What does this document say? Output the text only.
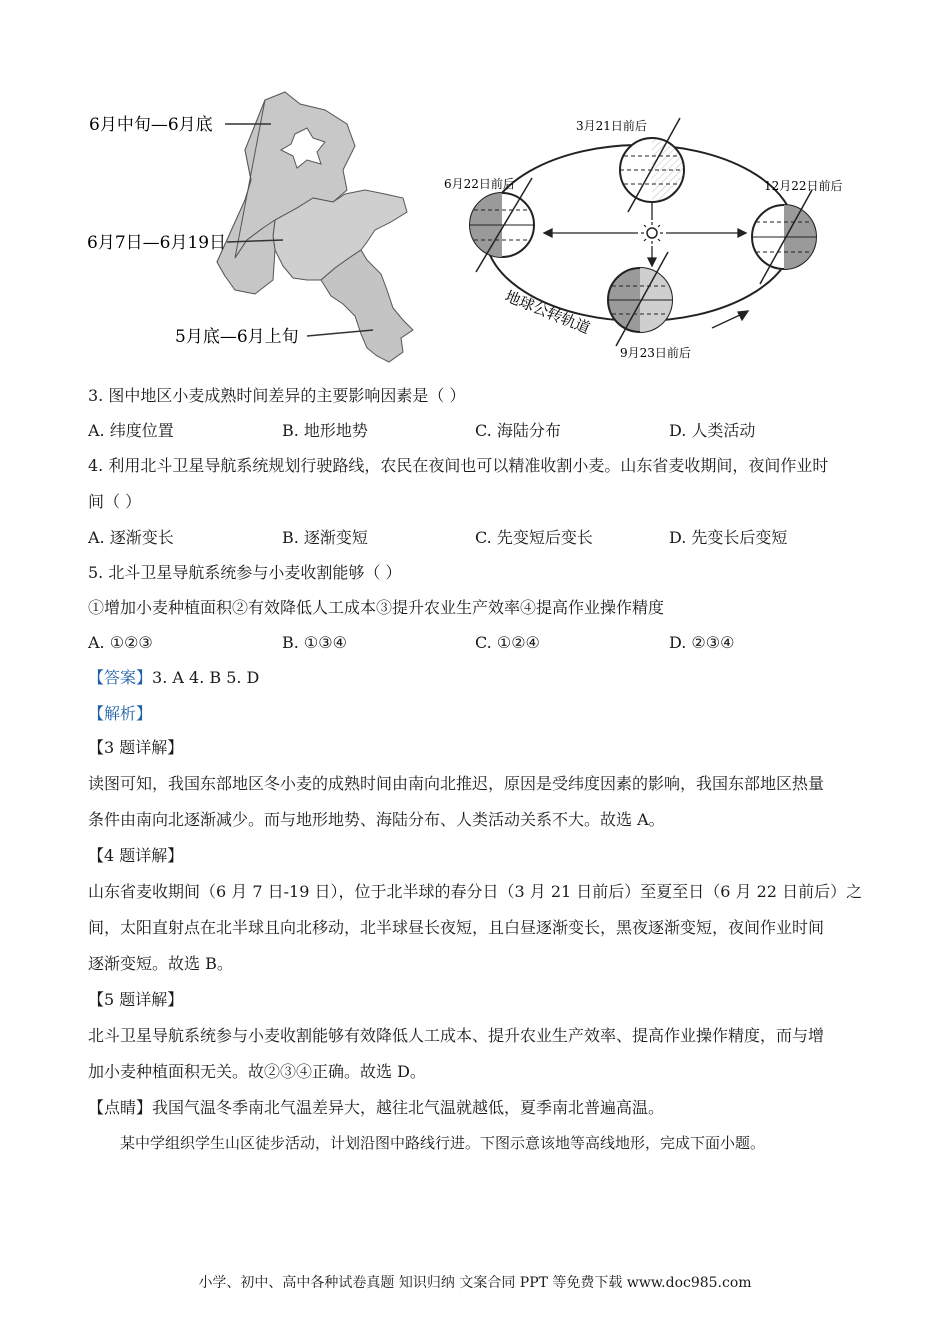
6月中旬—6月底
6月7日—6月19日
5月底—6月上旬
3月21日前后
6月22日前后	12月22日前后
9月23日前后
地球公转轨道
3. 图中地区小麦成熟时间差异的主要影响因素是（ ）
A. 纬度位置	B. 地形地势	C. 海陆分布	D. 人类活动
4. 利用北斗卫星导航系统规划行驶路线，农民在夜间也可以精准收割小麦。山东省麦收期间，夜间作业时
间（ ）
A. 逐渐变长	B. 逐渐变短	C. 先变短后变长	D. 先变长后变短
5. 北斗卫星导航系统参与小麦收割能够（ ）
①增加小麦种植面积②有效降低人工成本③提升农业生产效率④提高作业操作精度
A. ①②③	B. ①③④	C. ①②④	D. ②③④
【答案】3. A 4. B 5. D
【解析】
【3 题详解】
读图可知，我国东部地区冬小麦的成熟时间由南向北推迟，原因是受纬度因素的影响，我国东部地区热量
条件由南向北逐渐减少。而与地形地势、海陆分布、人类活动关系不大。故选 A。
【4 题详解】
山东省麦收期间（6 月 7 日-19 日），位于北半球的春分日（3 月 21 日前后）至夏至日（6 月 22 日前后）之
间，太阳直射点在北半球且向北移动，北半球昼长夜短，且白昼逐渐变长，黑夜逐渐变短，夜间作业时间
逐渐变短。故选 B。
【5 题详解】
北斗卫星导航系统参与小麦收割能够有效降低人工成本、提升农业生产效率、提高作业操作精度，而与增
加小麦种植面积无关。故②③④正确。故选 D。
【点睛】我国气温冬季南北气温差异大，越往北气温就越低，夏季南北普遍高温。
某中学组织学生山区徒步活动，计划沿图中路线行进。下图示意该地等高线地形，完成下面小题。
小学、初中、高中各种试卷真题 知识归纳 文案合同 PPT 等免费下载 www.doc985.com
